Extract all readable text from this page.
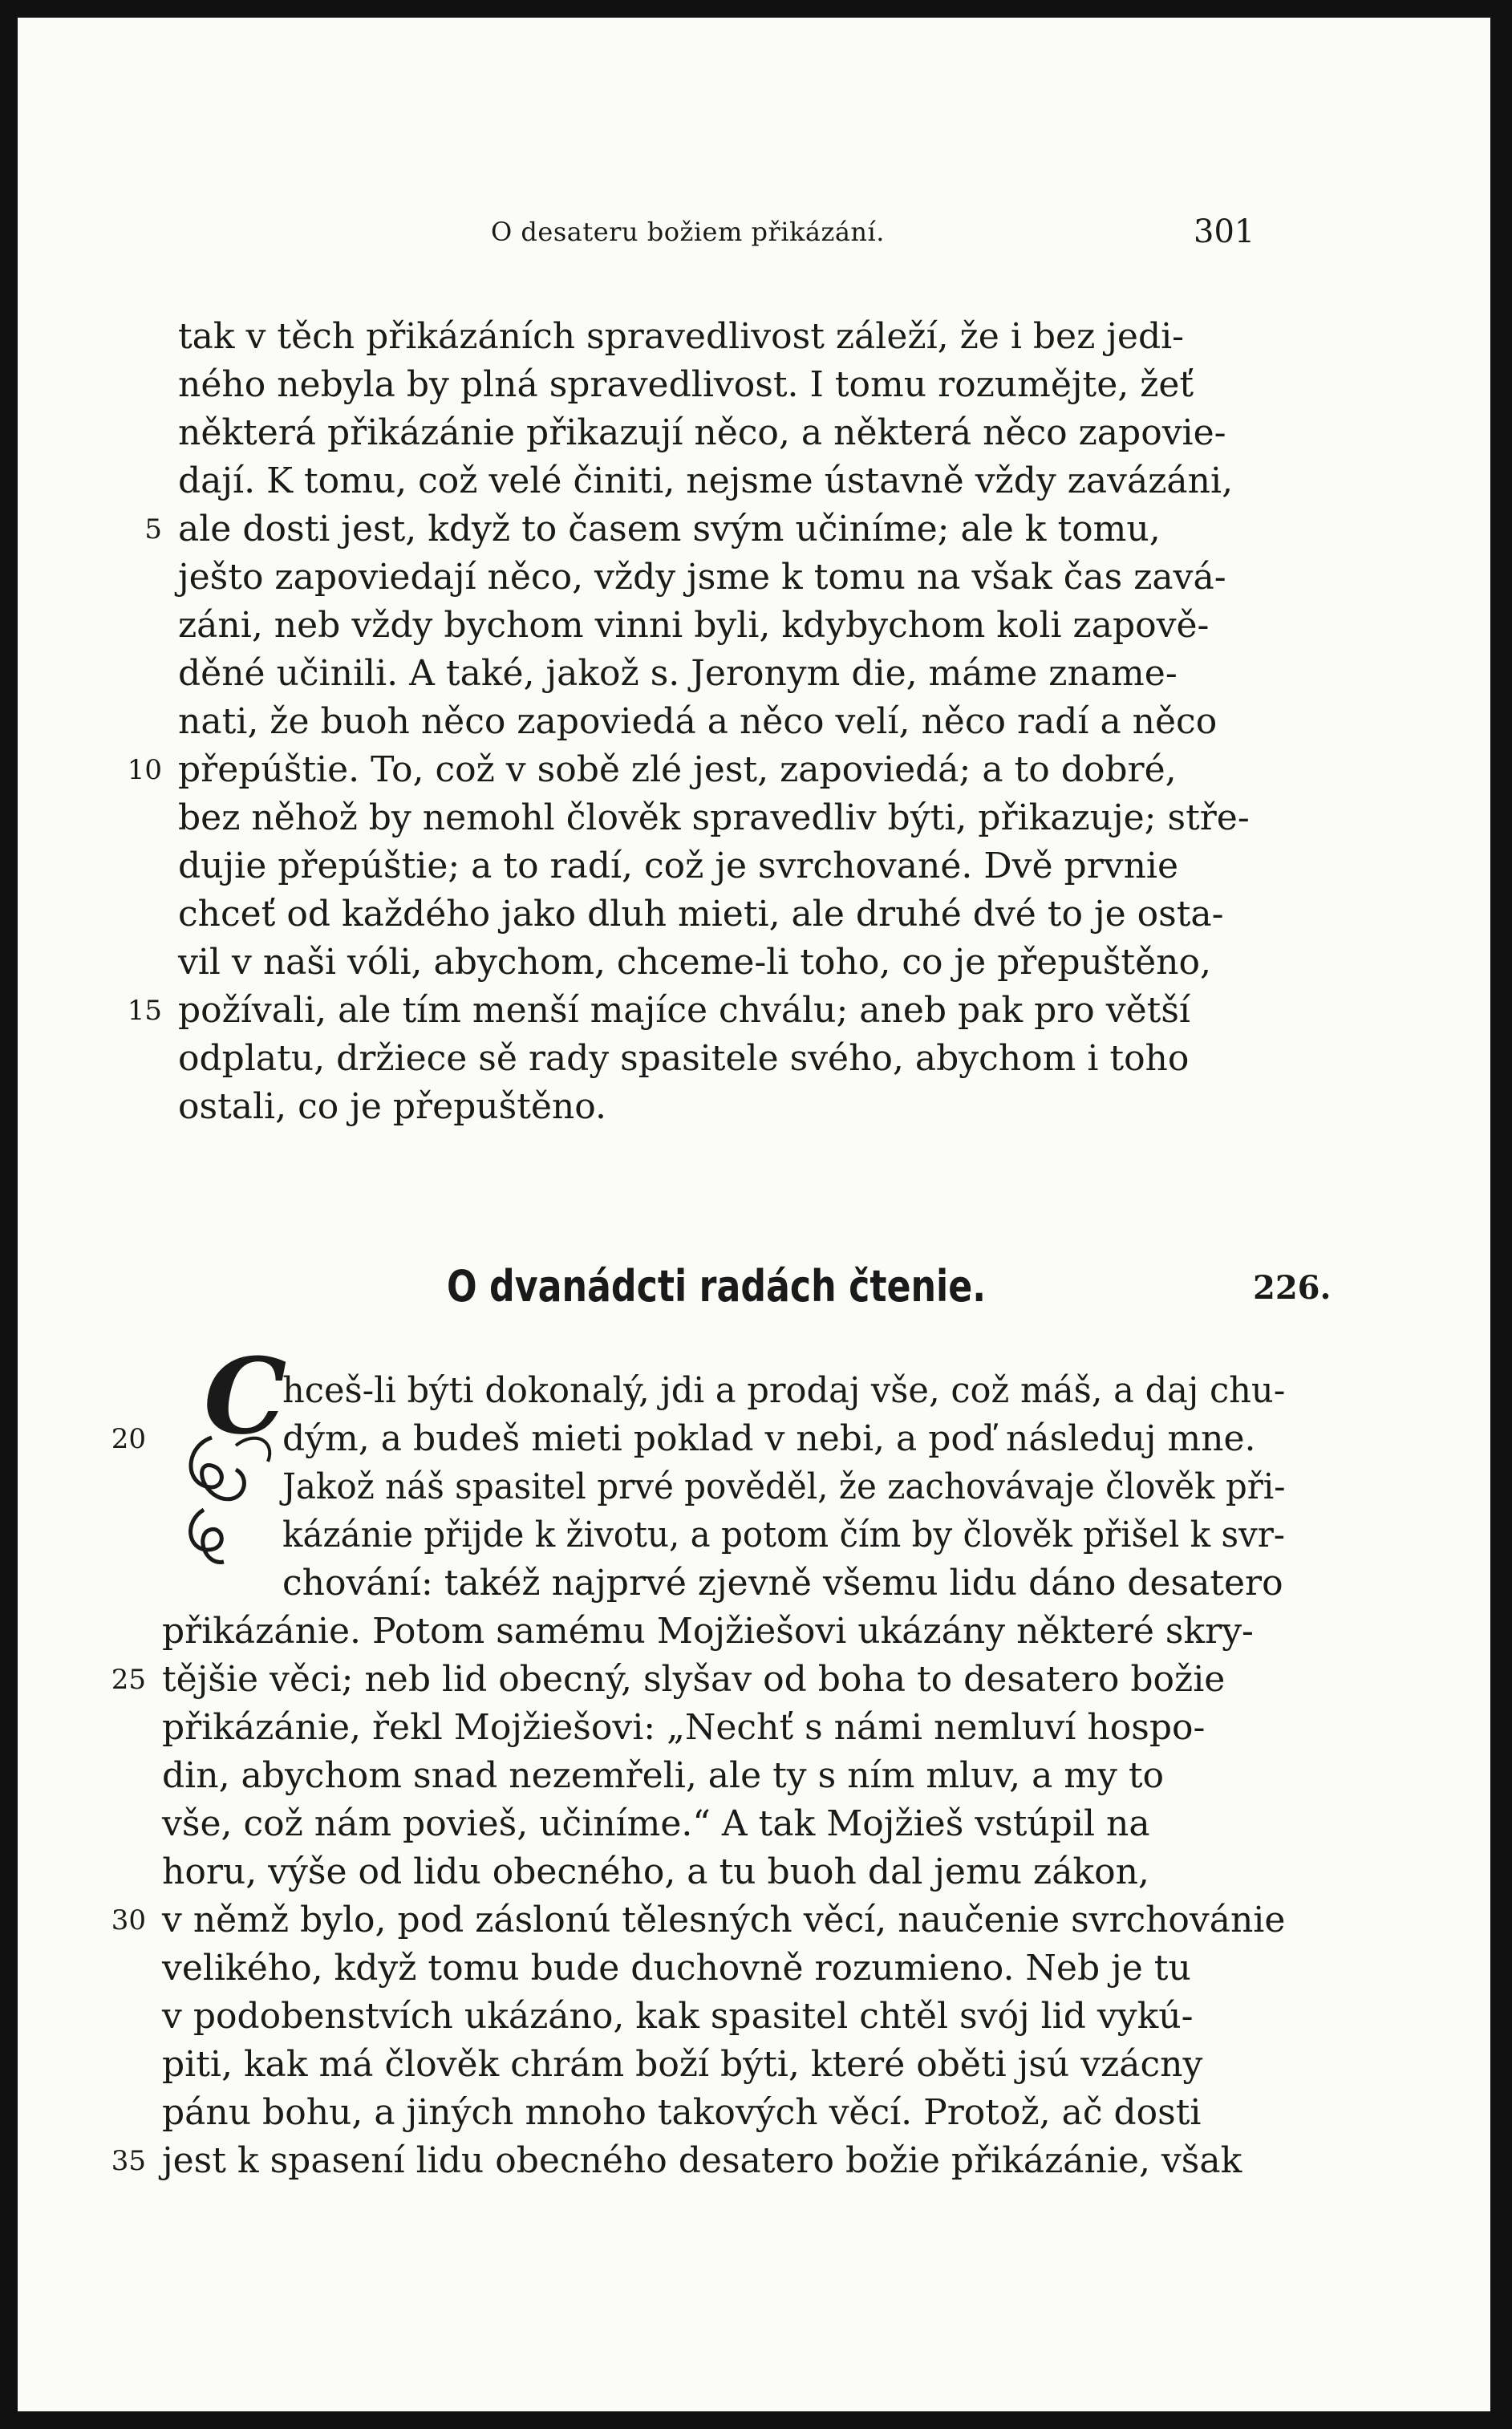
O desateru božiem přikázání.	301
tak v těch přikázáních spravedlivost záleží, že i bez jedi-
ného nebyla by plná spravedlivost. I tomu rozumějte, žeť
některá přikázánie přikazují něco, a některá něco zapovie-
dají. K tomu, což velé činiti, nejsme ústavně vždy zavázáni,
5 ale dosti jest, když to časem svým učiníme; ale k tomu,
ješto zapoviedají něco, vždy jsme k tomu na však čas zavá-
záni, neb vždy bychom vinni byli, kdybychom koli zapově-
děné učinili. A také, jakož s. Jeronym die, máme zname-
nati, že buoh něco zapoviedá a něco velí, něco radí a něco
10 přepúštie. To, což v sobě zlé jest, zapoviedá; a to dobré,
bez něhož by nemohl člověk spravedliv býti, přikazuje; stře-
dujie přepúštie; a to radí, což je svrchované. Dvě prvnie
chceť od každého jako dluh mieti, ale druhé dvé to je osta-
vil v naši vóli, abychom, chceme-li toho, co je přepuštěno,
15 požívali, ale tím menší majíce chválu; aneb pak pro větší
odplatu, držiece sě rady spasitele svého, abychom i toho
ostali, co je přepuštěno.
O dvanádcti radách čtenie.	226.
C
hceš-li býti dokonalý, jdi a prodaj vše, což máš, a daj chu-
20	dým, a budeš mieti poklad v nebi, a poď následuj mne.
Jakož náš spasitel prvé pověděl, že zachovávaje člověk při-
kázánie přijde k životu, a potom čím by člověk přišel k svr-
chování: takéž najprvé zjevně všemu lidu dáno desatero
přikázánie. Potom samému Mojžiešovi ukázány některé skry-
25 tějšie věci; neb lid obecný, slyšav od boha to desatero božie
přikázánie, řekl Mojžiešovi: „Nechť s námi nemluví hospo-
din, abychom snad nezemřeli, ale ty s ním mluv, a my to
vše, což nám povieš, učiníme.“ A tak Mojžieš vstúpil na
horu, výše od lidu obecného, a tu buoh dal jemu zákon,
30 v němž bylo, pod záslonú tělesných věcí, naučenie svrchovánie
velikého, když tomu bude duchovně rozumieno. Neb je tu
v podobenstvích ukázáno, kak spasitel chtěl svój lid vykú-
piti, kak má člověk chrám boží býti, které oběti jsú vzácny
pánu bohu, a jiných mnoho takových věcí. Protož, ač dosti
35 jest k spasení lidu obecného desatero božie přikázánie, však
